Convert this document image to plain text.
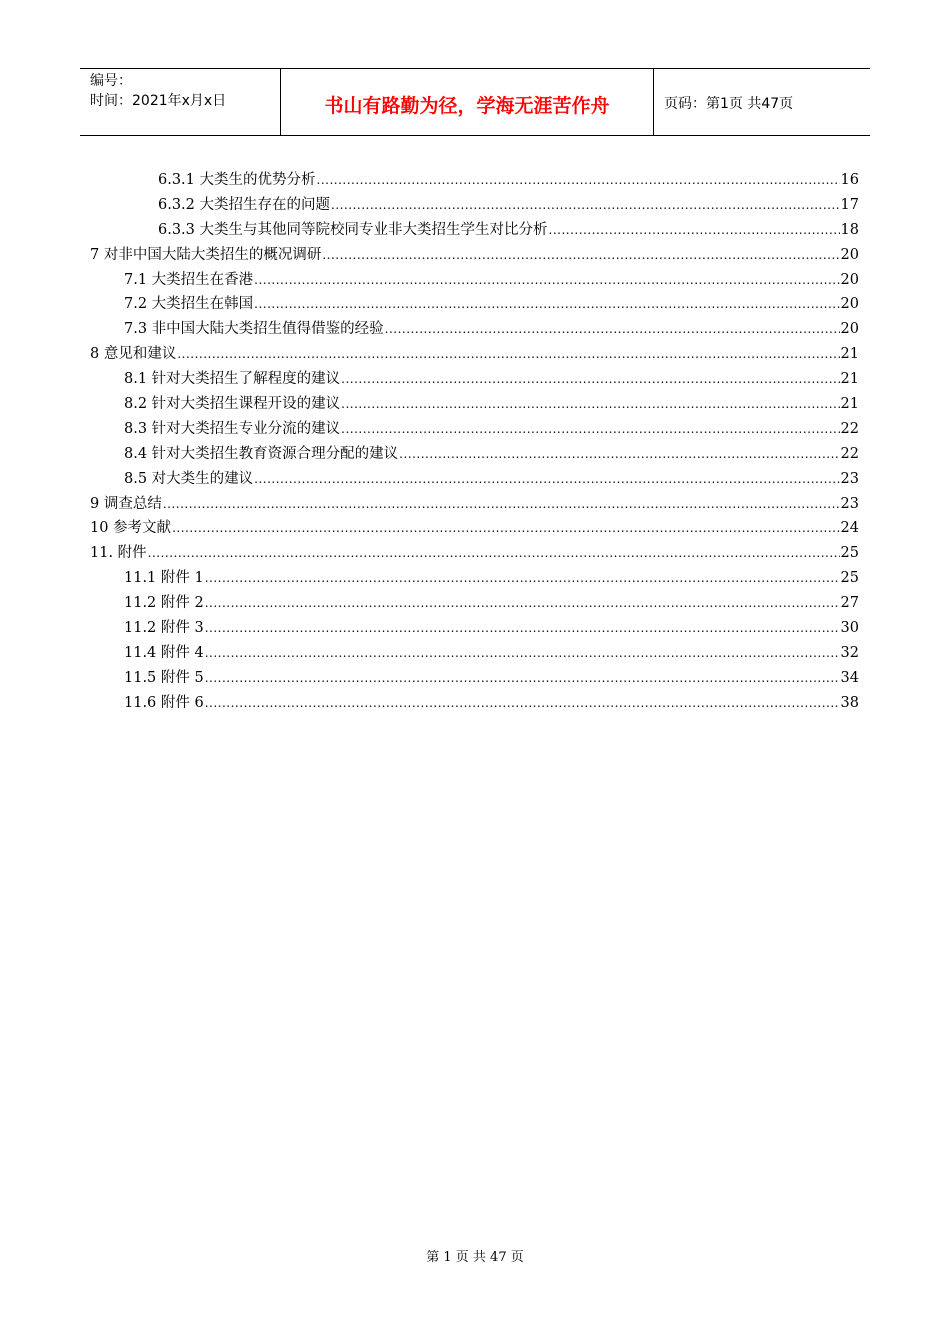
编号：
时间：2021年x月x日	书山有路勤为径，学海无涯苦作舟	页码：第1页 共47页
6.3.1 大类生的优势分析 .....	16
6.3.2 大类招生存在的问题 .....	17
6.3.3 大类生与其他同等院校同专业非大类招生学生对比分析 .....	18
7 对非中国大陆大类招生的概况调研 .....	20
7.1 大类招生在香港 .....	20
7.2 大类招生在韩国 .....	20
7.3 非中国大陆大类招生值得借鉴的经验 .....	20
8 意见和建议 .....	21
8.1 针对大类招生了解程度的建议 .....	21
8.2 针对大类招生课程开设的建议 .....	21
8.3 针对大类招生专业分流的建议 .....	22
8.4 针对大类招生教育资源合理分配的建议 .....	22
8.5 对大类生的建议 .....	23
9 调查总结 .....	23
10 参考文献 .....	24
11. 附件 .....	25
11.1 附件 1 .....	25
11.2 附件 2 .....	27
11.2 附件 3 .....	30
11.4 附件 4 .....	32
11.5 附件 5 .....	34
11.6 附件 6 .....	38
第 1 页 共 47 页
